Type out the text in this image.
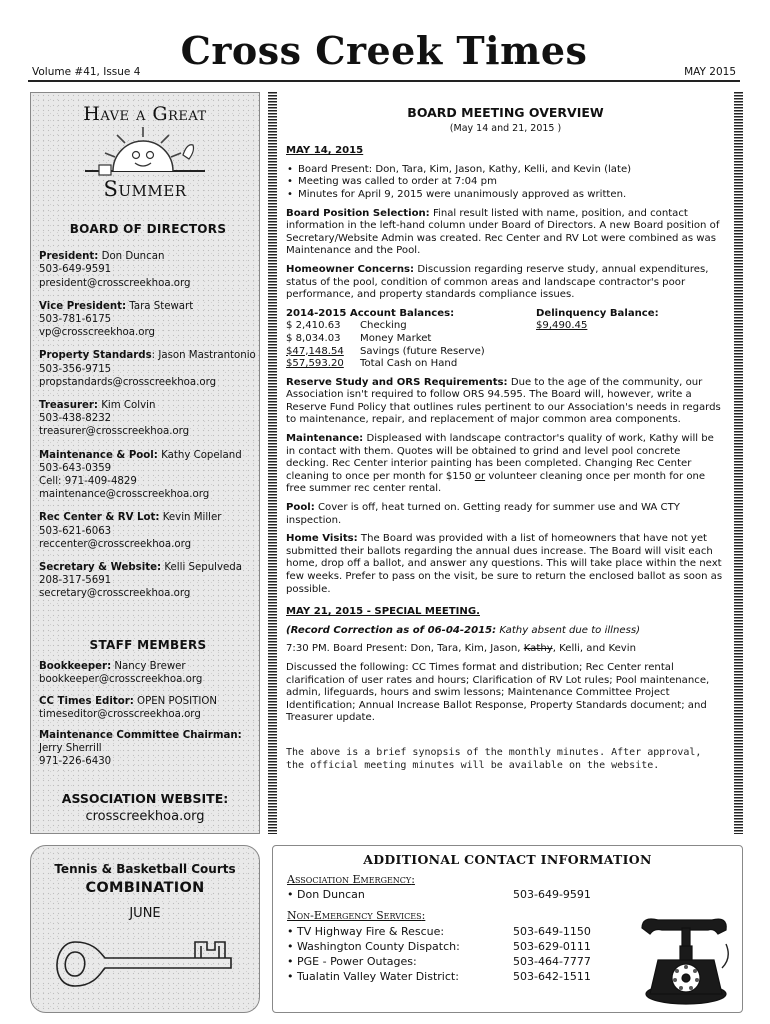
Cross Creek Times
Volume #41, Issue 4	MAY 2015
Have a Great
Summer
BOARD OF DIRECTORS
President: Don Duncan
503-649-9591
president@crosscreekhoa.org
Vice President: Tara Stewart
503-781-6175
vp@crosscreekhoa.org
Property Standards: Jason Mastrantonio
503-356-9715
propstandards@crosscreekhoa.org
Treasurer: Kim Colvin
503-438-8232
treasurer@crosscreekhoa.org
Maintenance & Pool: Kathy Copeland
503-643-0359
Cell: 971-409-4829
maintenance@crosscreekhoa.org
Rec Center & RV Lot: Kevin Miller
503-621-6063
reccenter@crosscreekhoa.org
Secretary & Website: Kelli Sepulveda
208-317-5691
secretary@crosscreekhoa.org
STAFF MEMBERS
Bookkeeper: Nancy Brewer
bookkeeper@crosscreekhoa.org
CC Times Editor: OPEN POSITION
timeseditor@crosscreekhoa.org
Maintenance Committee Chairman:
Jerry Sherrill
971-226-6430
ASSOCIATION WEBSITE:
crosscreekhoa.org
BOARD MEETING OVERVIEW
(May 14 and 21, 2015 )
MAY 14, 2015
• Board Present: Don, Tara, Kim, Jason, Kathy, Kelli, and Kevin (late)
• Meeting was called to order at 7:04 pm
• Minutes for April 9, 2015 were unanimously approved as written.
Board Position Selection: Final result listed with name, position, and contact information in the left-hand column under Board of Directors. A new Board position of Secretary/Website Admin was created. Rec Center and RV Lot were combined as was Maintenance and the Pool.
Homeowner Concerns: Discussion regarding reserve study, annual expenditures, status of the pool, condition of common areas and landscape contractor's poor performance, and property standards compliance issues.
2014-2015 Account Balances:
$ 2,410.63	Checking
$ 8,034.03	Money Market
$47,148.54	Savings (future Reserve)
$57,593.20	Total Cash on Hand
Delinquency Balance:
$9,490.45
Reserve Study and ORS Requirements: Due to the age of the community, our Association isn't required to follow ORS 94.595. The Board will, however, write a Reserve Fund Policy that outlines rules pertinent to our Association's needs in regards to maintenance, repair, and replacement of major common area components.
Maintenance: Displeased with landscape contractor's quality of work, Kathy will be in contact with them. Quotes will be obtained to grind and level pool concrete decking. Rec Center interior painting has been completed. Changing Rec Center cleaning to once per month for $150 or volunteer cleaning once per month for one free summer rec center rental.
Pool: Cover is off, heat turned on. Getting ready for summer use and WA CTY inspection.
Home Visits: The Board was provided with a list of homeowners that have not yet submitted their ballots regarding the annual dues increase. The Board will visit each home, drop off a ballot, and answer any questions. This will take place within the next few weeks. Prefer to pass on the visit, be sure to return the enclosed ballot as soon as possible.
MAY 21, 2015 - SPECIAL MEETING.
(Record Correction as of 06-04-2015: Kathy absent due to illness)
7:30 PM. Board Present: Don, Tara, Kim, Jason, Kathy, Kelli, and Kevin
Discussed the following: CC Times format and distribution; Rec Center rental clarification of user rates and hours; Clarification of RV Lot rules; Pool maintenance, admin, lifeguards, hours and swim lessons; Maintenance Committee Project Identification; Annual Increase Ballot Response, Property Standards document; and Treasurer update.
The above is a brief synopsis of the monthly minutes. After approval, the official meeting minutes will be available on the website.
Tennis & Basketball Courts
COMBINATION
JUNE
ADDITIONAL CONTACT INFORMATION
Association Emergency:
• Don Duncan	503-649-9591
Non-Emergency Services:
• TV Highway Fire & Rescue:	503-649-1150
• Washington County Dispatch:	503-629-0111
• PGE - Power Outages:	503-464-7777
• Tualatin Valley Water District:	503-642-1511
